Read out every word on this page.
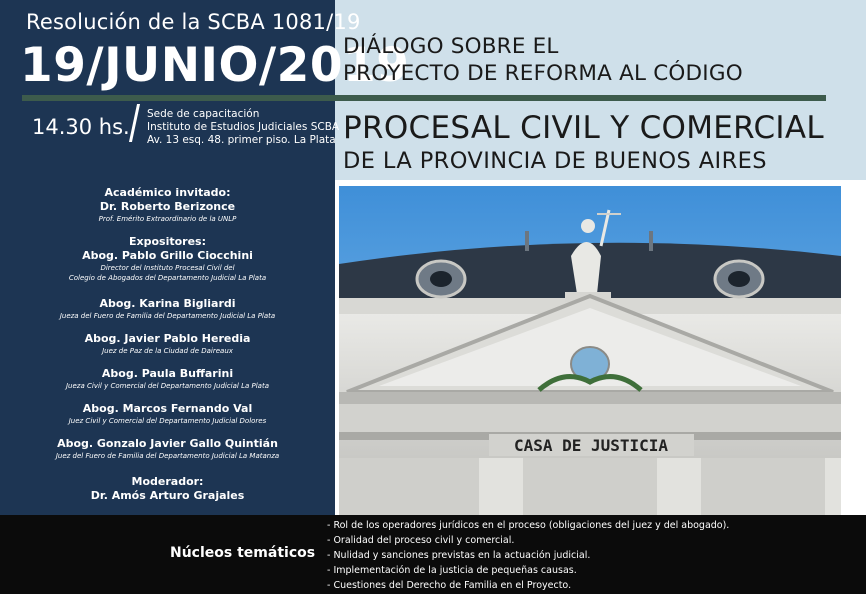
Resolución de la SCBA 1081/19
19/JUNIO/2019
14.30 hs.
Sede de capacitación
Instituto de Estudios Judiciales SCBA
Av. 13 esq. 48. primer piso. La Plata
DIÁLOGO SOBRE EL
PROYECTO DE REFORMA AL CÓDIGO
PROCESAL CIVIL Y COMERCIAL
DE LA PROVINCIA DE BUENOS AIRES
Académico invitado:
Dr. Roberto Berizonce
Prof. Emérito Extraordinario de la UNLP
Expositores:
Abog. Pablo Grillo Ciocchini
Director del Instituto Procesal Civil del
Colegio de Abogados del Departamento Judicial La Plata
Abog. Karina Bigliardi
Jueza del Fuero de Familia del Departamento Judicial La Plata
Abog. Javier Pablo Heredia
Juez de Paz de la Ciudad de Daireaux
Abog. Paula Buffarini
Jueza Civil y Comercial del Departamento Judicial La Plata
Abog. Marcos Fernando Val
Juez Civil y Comercial del Departamento Judicial Dolores
Abog. Gonzalo Javier Gallo Quintián
Juez del Fuero de Familia del Departamento Judicial La Matanza
Moderador:
Dr. Amós Arturo Grajales
CASA DE JUSTICIA
Núcleos temáticos
- Rol de los operadores jurídicos en el proceso (obligaciones del juez y del abogado).
- Oralidad del proceso civil y comercial.
- Nulidad y sanciones previstas en la actuación judicial.
- Implementación de la justicia de pequeñas causas.
- Cuestiones del Derecho de Familia en el Proyecto.
